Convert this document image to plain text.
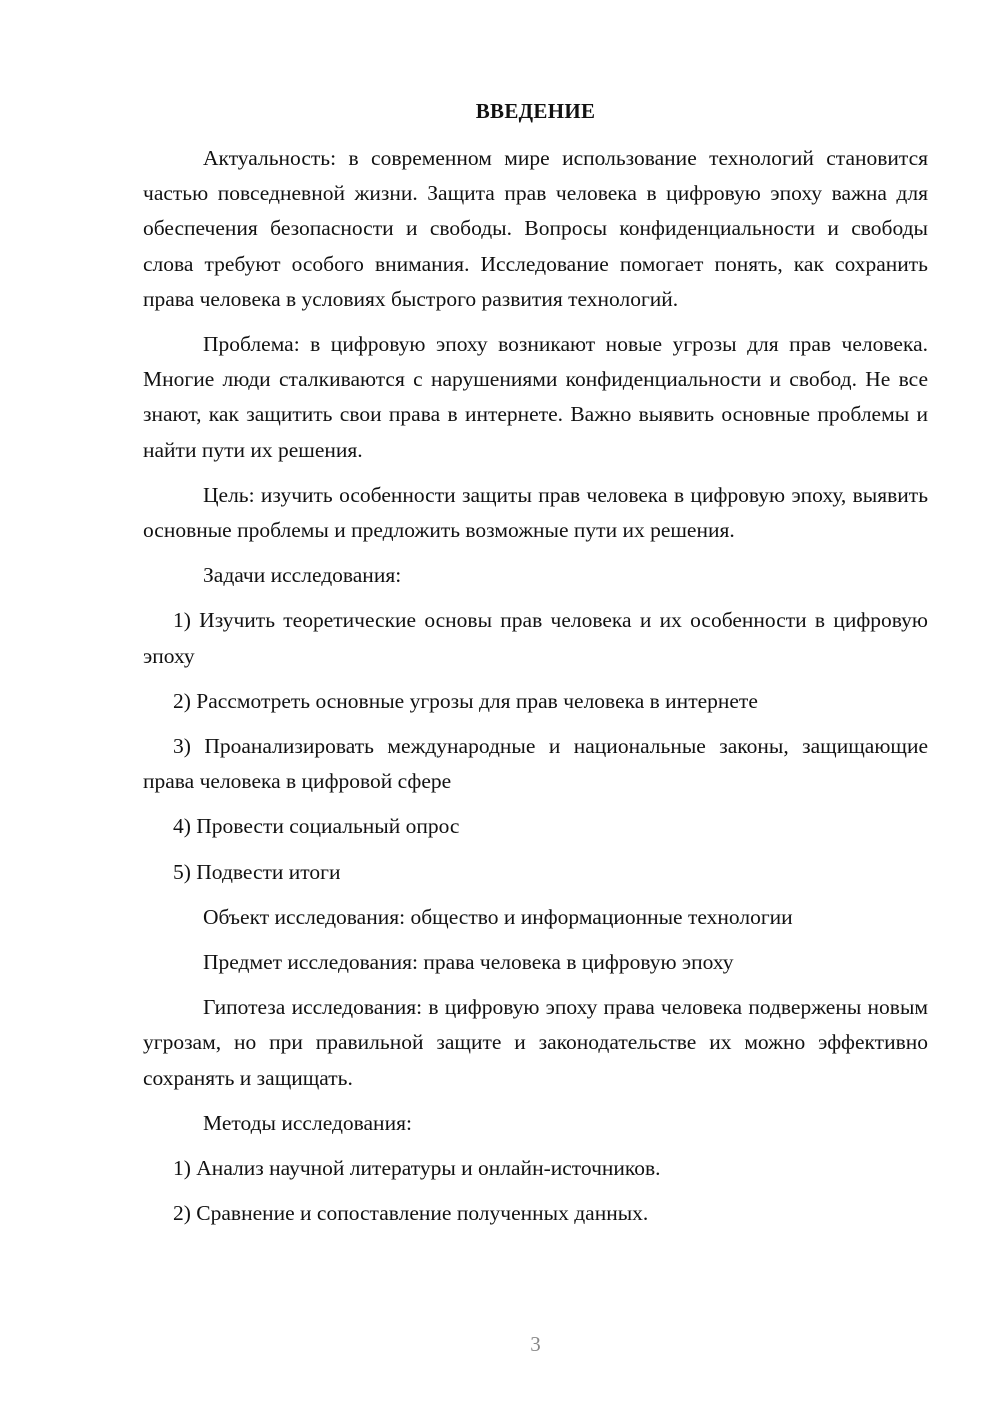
ВВЕДЕНИЕ

Актуальность: в современном мире использование технологий становится частью повседневной жизни. Защита прав человека в цифровую эпоху важна для обеспечения безопасности и свободы. Вопросы конфиденциальности и свободы слова требуют особого внимания. Исследование помогает понять, как сохранить права человека в условиях быстрого развития технологий.

Проблема: в цифровую эпоху возникают новые угрозы для прав человека. Многие люди сталкиваются с нарушениями конфиденциальности и свобод. Не все знают, как защитить свои права в интернете. Важно выявить основные проблемы и найти пути их решения.

Цель: изучить особенности защиты прав человека в цифровую эпоху, выявить основные проблемы и предложить возможные пути их решения.

Задачи исследования:

1) Изучить теоретические основы прав человека и их особенности в цифровую эпоху

2) Рассмотреть основные угрозы для прав человека в интернете

3) Проанализировать международные и национальные законы, защищающие права человека в цифровой сфере

4) Провести социальный опрос

5) Подвести итоги

Объект исследования: общество и информационные технологии

Предмет исследования: права человека в цифровую эпоху

Гипотеза исследования: в цифровую эпоху права человека подвержены новым угрозам, но при правильной защите и законодательстве их можно эффективно сохранять и защищать.

Методы исследования:

1) Анализ научной литературы и онлайн-источников.

2) Сравнение и сопоставление полученных данных.

3
